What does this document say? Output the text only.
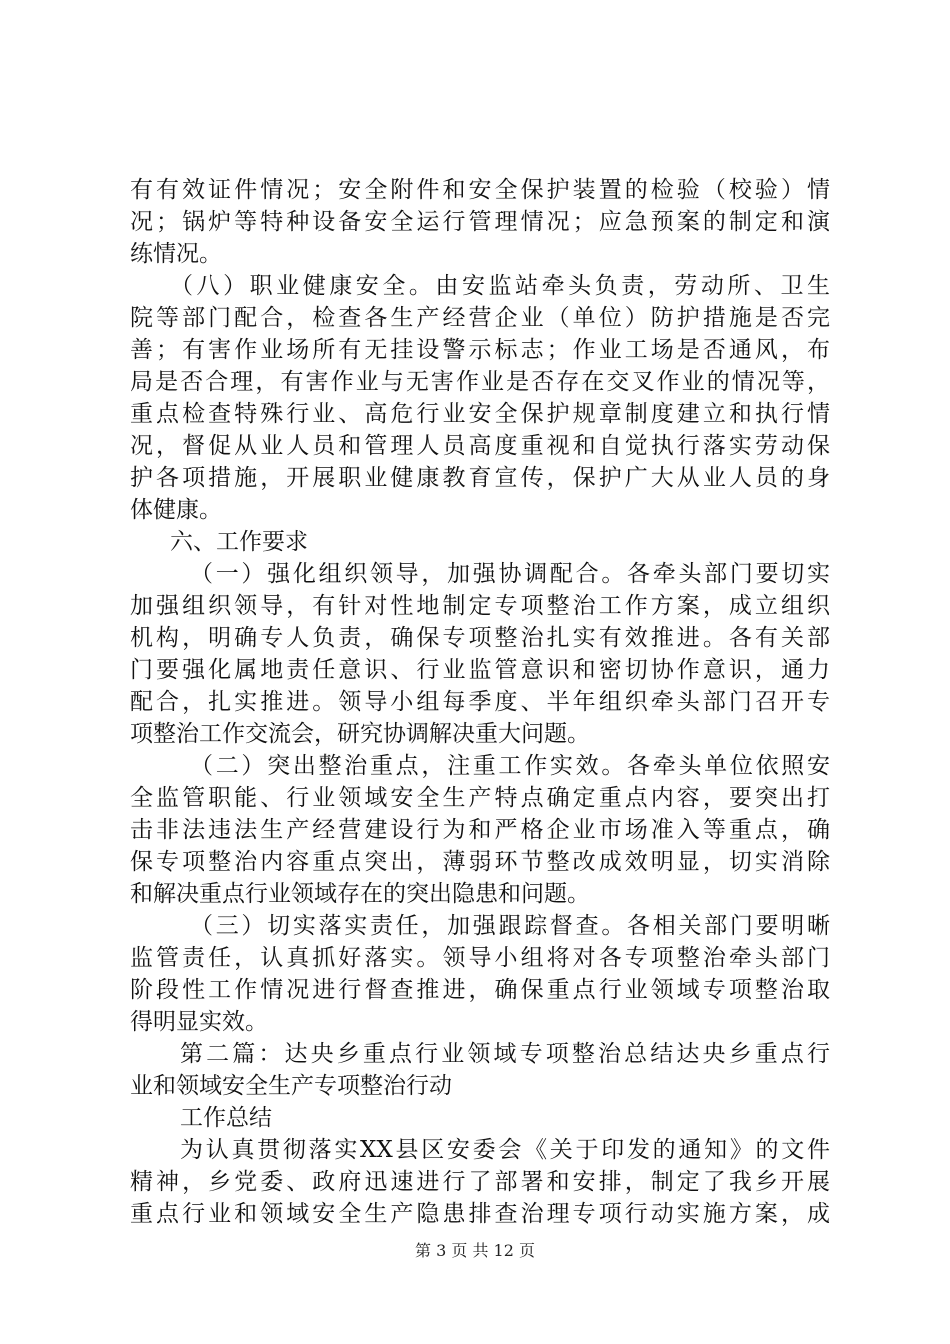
有有效证件情况；安全附件和安全保护装置的检验（校验）情
况；锅炉等特种设备安全运行管理情况；应急预案的制定和演
练情况。
（八）职业健康安全。由安监站牵头负责，劳动所、卫生
院等部门配合，检查各生产经营企业（单位）防护措施是否完
善；有害作业场所有无挂设警示标志；作业工场是否通风，布
局是否合理，有害作业与无害作业是否存在交叉作业的情况等，
重点检查特殊行业、高危行业安全保护规章制度建立和执行情
况，督促从业人员和管理人员高度重视和自觉执行落实劳动保
护各项措施，开展职业健康教育宣传，保护广大从业人员的身
体健康。
六、工作要求
（一）强化组织领导，加强协调配合。各牵头部门要切实
加强组织领导，有针对性地制定专项整治工作方案，成立组织
机构，明确专人负责，确保专项整治扎实有效推进。各有关部
门要强化属地责任意识、行业监管意识和密切协作意识，通力
配合，扎实推进。领导小组每季度、半年组织牵头部门召开专
项整治工作交流会，研究协调解决重大问题。
（二）突出整治重点，注重工作实效。各牵头单位依照安
全监管职能、行业领域安全生产特点确定重点内容，要突出打
击非法违法生产经营建设行为和严格企业市场准入等重点，确
保专项整治内容重点突出，薄弱环节整改成效明显，切实消除
和解决重点行业领域存在的突出隐患和问题。
（三）切实落实责任，加强跟踪督查。各相关部门要明晰
监管责任，认真抓好落实。领导小组将对各专项整治牵头部门
阶段性工作情况进行督查推进，确保重点行业领域专项整治取
得明显实效。
第二篇：达央乡重点行业领域专项整治总结达央乡重点行
业和领域安全生产专项整治行动
工作总结
为认真贯彻落实XX县区安委会《关于印发的通知》的文件
精神，乡党委、政府迅速进行了部署和安排，制定了我乡开展
重点行业和领域安全生产隐患排查治理专项行动实施方案，成
第 3 页 共 12 页
